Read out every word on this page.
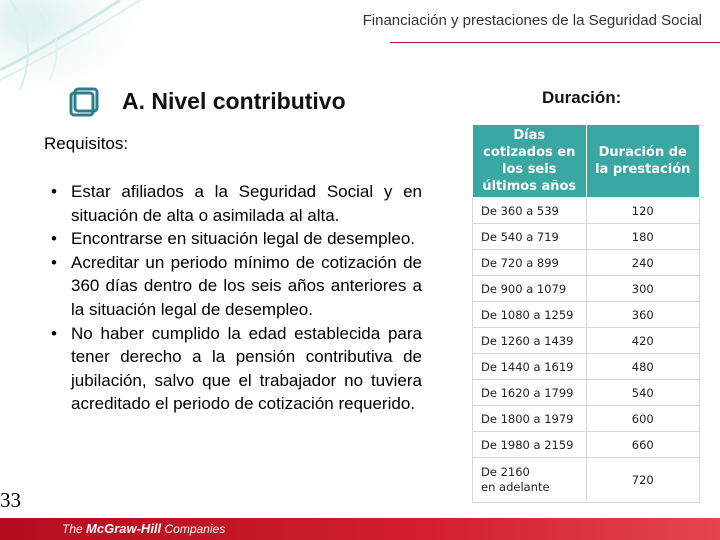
Financiación y prestaciones de la Seguridad Social
A. Nivel contributivo	Duración:
Requisitos:
• Estar afiliados a la Seguridad Social y en situación de alta o asimilada al alta.
• Encontrarse en situación legal de desempleo.
• Acreditar un periodo mínimo de cotización de 360 días dentro de los seis años anteriores a la situación legal de desempleo.
• No haber cumplido la edad establecida para tener derecho a la pensión contributiva de jubilación, salvo que el trabajador no tuviera acreditado el periodo de cotización requerido.
Días cotizados en los seis últimos años	Duración de la prestación
De 360 a 539	120
De 540 a 719	180
De 720 a 899	240
De 900 a 1079	300
De 1080 a 1259	360
De 1260 a 1439	420
De 1440 a 1619	480
De 1620 a 1799	540
De 1800 a 1979	600
De 1980 a 2159	660

De 2160
en adelante	720
33
The McGraw-Hill Companies
